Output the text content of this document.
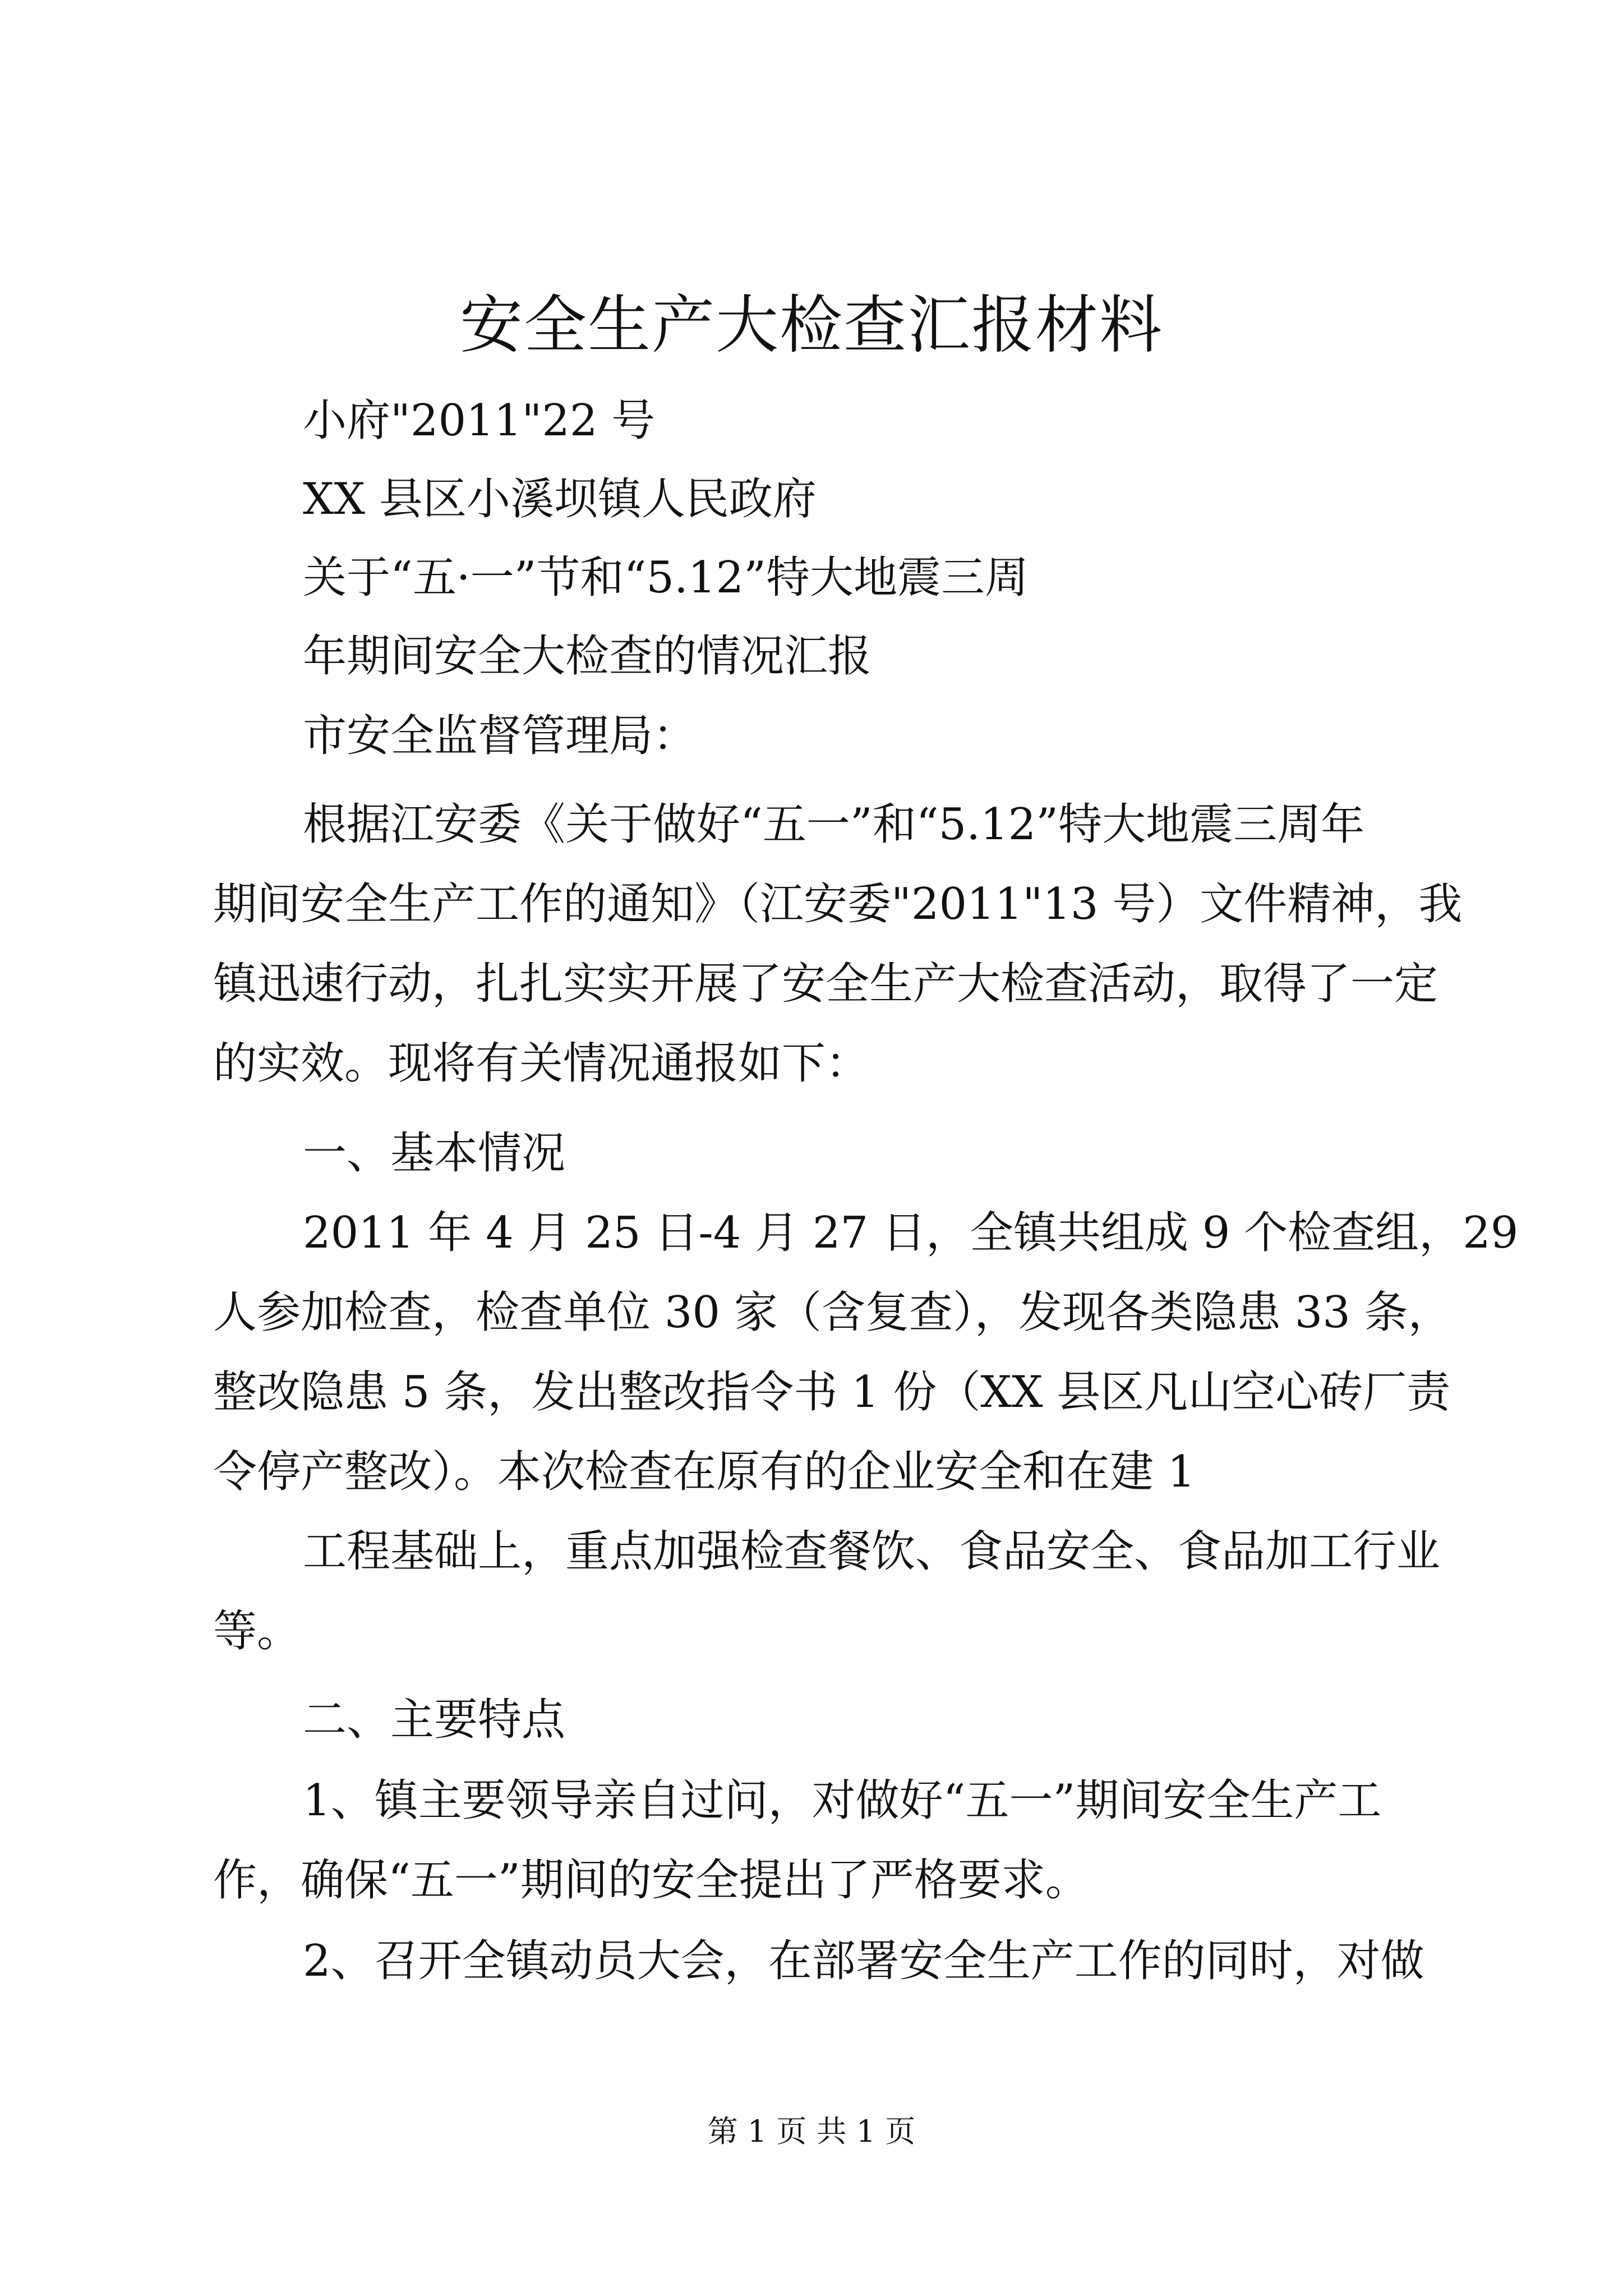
安全生产大检查汇报材料

小府"2011"22 号

XX 县区小溪坝镇人民政府

关于“五·一”节和“5.12”特大地震三周

年期间安全大检查的情况汇报

市安全监督管理局：

根据江安委《关于做好“五一”和“5.12”特大地震三周年

期间安全生产工作的通知》（江安委"2011"13 号）文件精神，我

镇迅速行动，扎扎实实开展了安全生产大检查活动，取得了一定

的实效。现将有关情况通报如下：

一、基本情况

2011 年 4 月 25 日-4 月 27 日，全镇共组成 9 个检查组，29

人参加检查，检查单位 30 家（含复查），发现各类隐患 33 条，

整改隐患 5 条，发出整改指令书 1 份（XX 县区凡山空心砖厂责

令停产整改）。本次检查在原有的企业安全和在建 1

工程基础上，重点加强检查餐饮、食品安全、食品加工行业

等。

二、主要特点

1、镇主要领导亲自过问，对做好“五一”期间安全生产工

作，确保“五一”期间的安全提出了严格要求。

2、召开全镇动员大会，在部署安全生产工作的同时，对做

第 1 页 共 1 页
